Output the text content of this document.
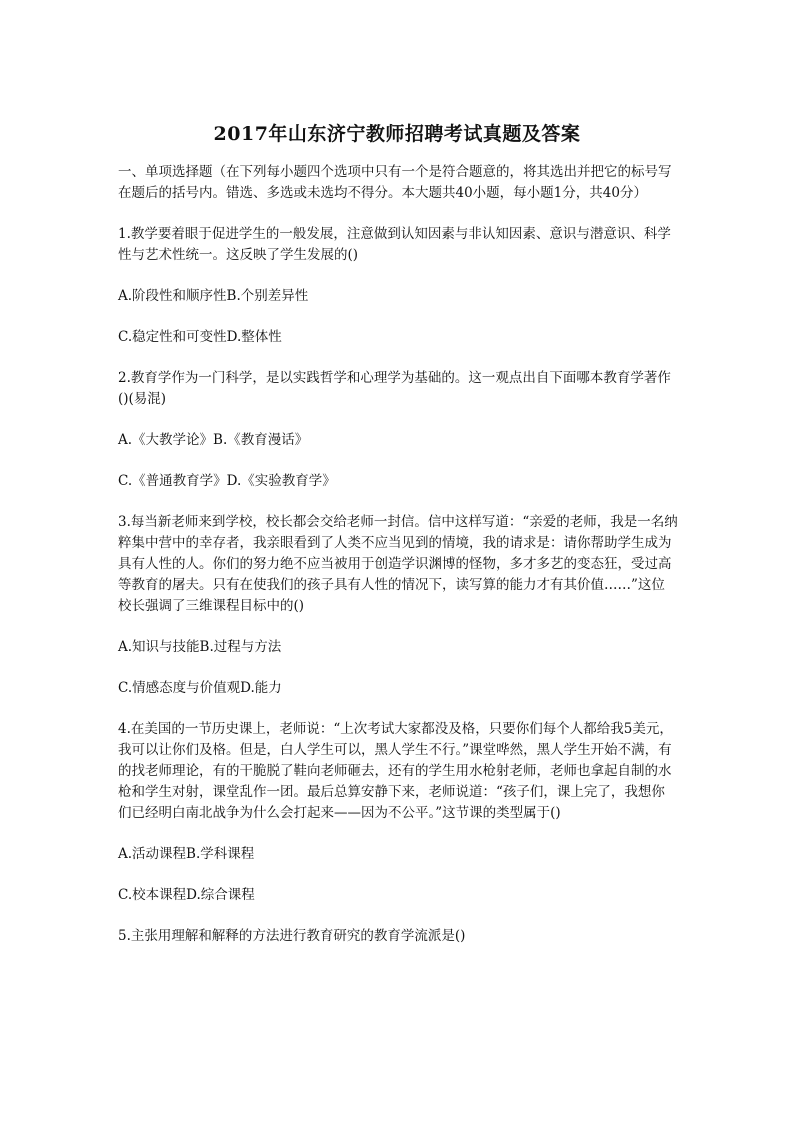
2017年山东济宁教师招聘考试真题及答案

一、单项选择题（在下列每小题四个选项中只有一个是符合题意的，将其选出并把它的标号写在题后的括号内。错选、多选或未选均不得分。本大题共40小题，每小题1分，共40分）

1.教学要着眼于促进学生的一般发展，注意做到认知因素与非认知因素、意识与潜意识、科学性与艺术性统一。这反映了学生发展的()

A.阶段性和顺序性B.个别差异性

C.稳定性和可变性D.整体性

2.教育学作为一门科学，是以实践哲学和心理学为基础的。这一观点出自下面哪本教育学著作()(易混)

A.《大教学论》B.《教育漫话》

C.《普通教育学》D.《实验教育学》

3.每当新老师来到学校，校长都会交给老师一封信。信中这样写道：“亲爱的老师，我是一名纳粹集中营中的幸存者，我亲眼看到了人类不应当见到的情境，我的请求是：请你帮助学生成为具有人性的人。你们的努力绝不应当被用于创造学识渊博的怪物，多才多艺的变态狂，受过高等教育的屠夫。只有在使我们的孩子具有人性的情况下，读写算的能力才有其价值……”这位校长强调了三维课程目标中的()

A.知识与技能B.过程与方法

C.情感态度与价值观D.能力

4.在美国的一节历史课上，老师说：“上次考试大家都没及格，只要你们每个人都给我5美元，我可以让你们及格。但是，白人学生可以，黑人学生不行。”课堂哗然，黑人学生开始不满，有的找老师理论，有的干脆脱了鞋向老师砸去，还有的学生用水枪射老师，老师也拿起自制的水枪和学生对射，课堂乱作一团。最后总算安静下来，老师说道：“孩子们，课上完了，我想你们已经明白南北战争为什么会打起来——因为不公平。”这节课的类型属于()

A.活动课程B.学科课程

C.校本课程D.综合课程

5.主张用理解和解释的方法进行教育研究的教育学流派是()
